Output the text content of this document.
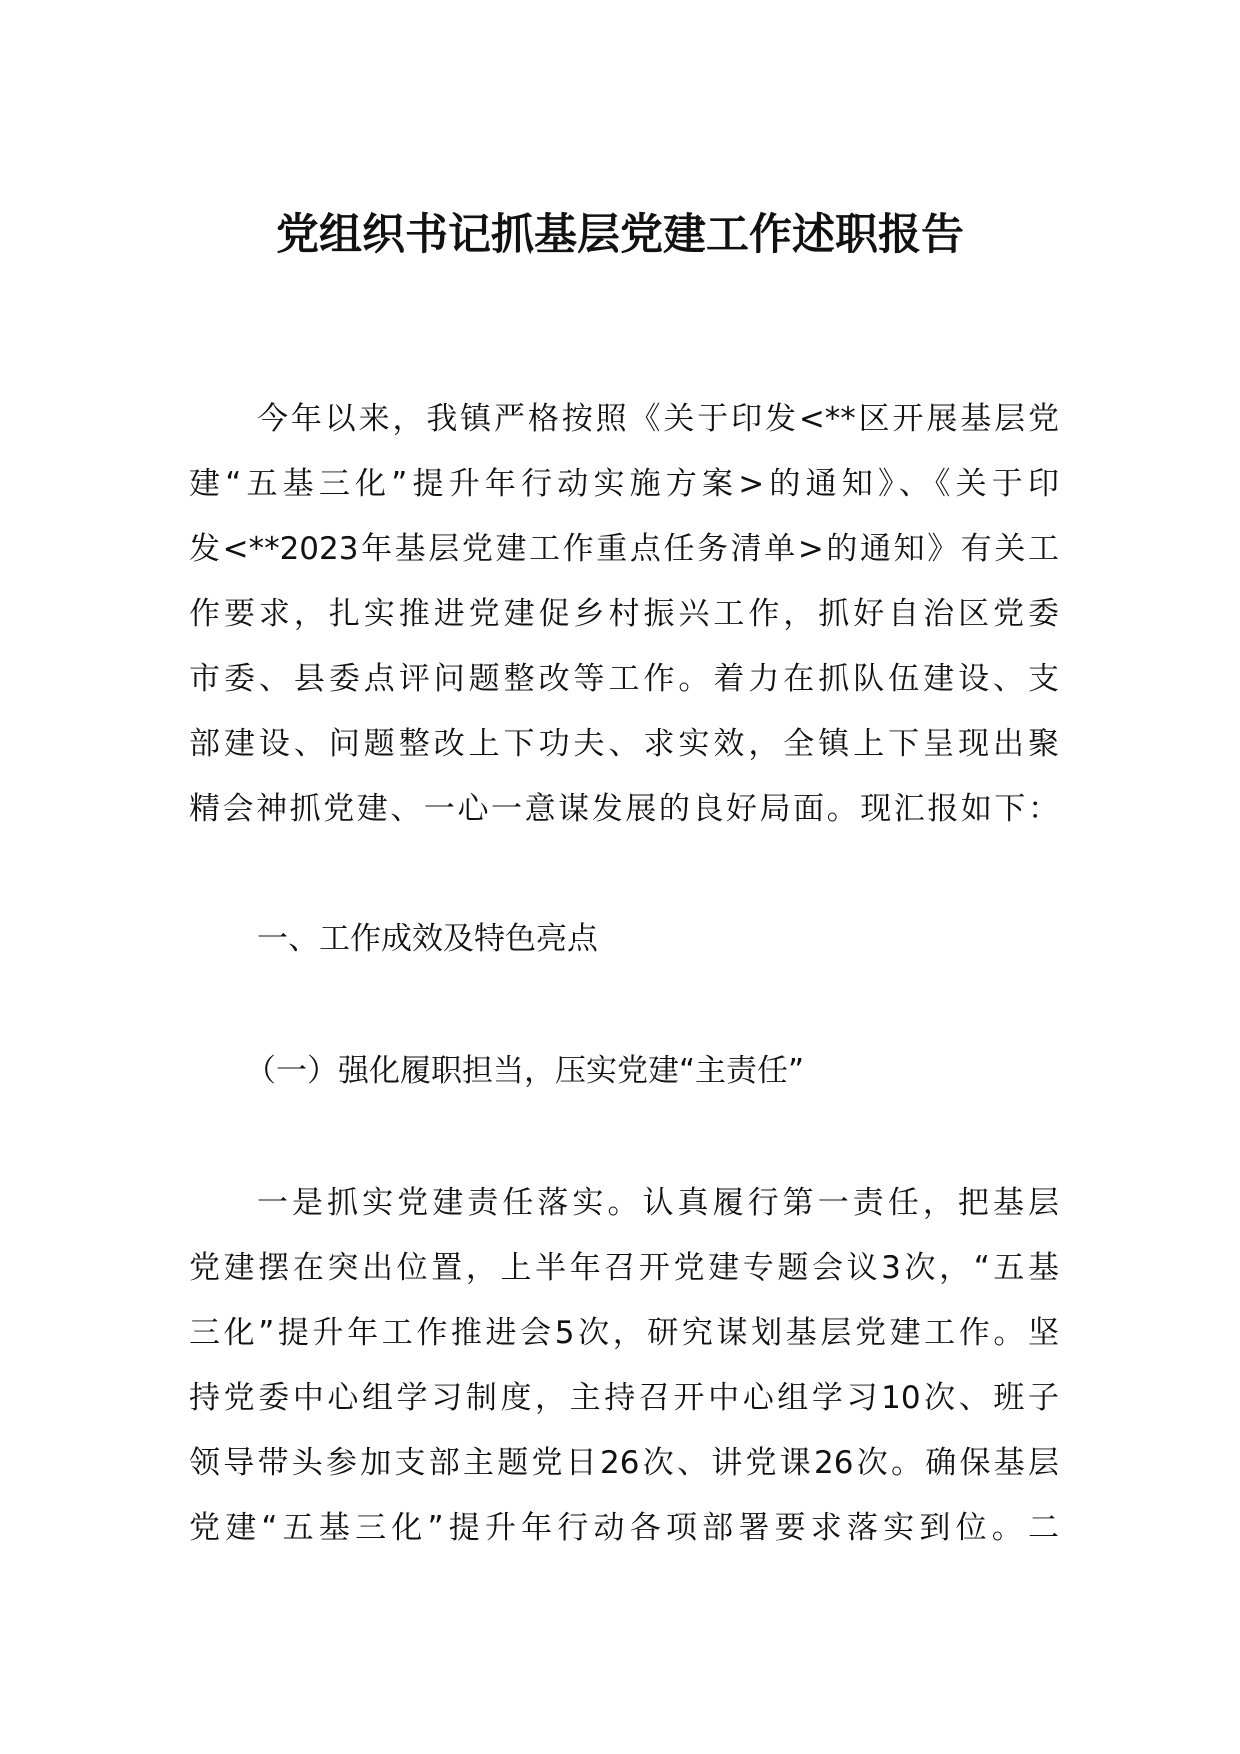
党组织书记抓基层党建工作述职报告
今年以来，我镇严格按照《关于印发<**区开展基层党
建“五基三化”提升年行动实施方案>的通知》、《关于印
发<**2023年基层党建工作重点任务清单>的通知》有关工
作要求，扎实推进党建促乡村振兴工作，抓好自治区党委
市委、县委点评问题整改等工作。着力在抓队伍建设、支
部建设、问题整改上下功夫、求实效，全镇上下呈现出聚
精会神抓党建、一心一意谋发展的良好局面。现汇报如下：
一、工作成效及特色亮点
（一）强化履职担当，压实党建“主责任”
一是抓实党建责任落实。认真履行第一责任，把基层
党建摆在突出位置，上半年召开党建专题会议3次，“五基
三化”提升年工作推进会5次，研究谋划基层党建工作。坚
持党委中心组学习制度，主持召开中心组学习10次、班子
领导带头参加支部主题党日26次、讲党课26次。确保基层
党建“五基三化”提升年行动各项部署要求落实到位。二
